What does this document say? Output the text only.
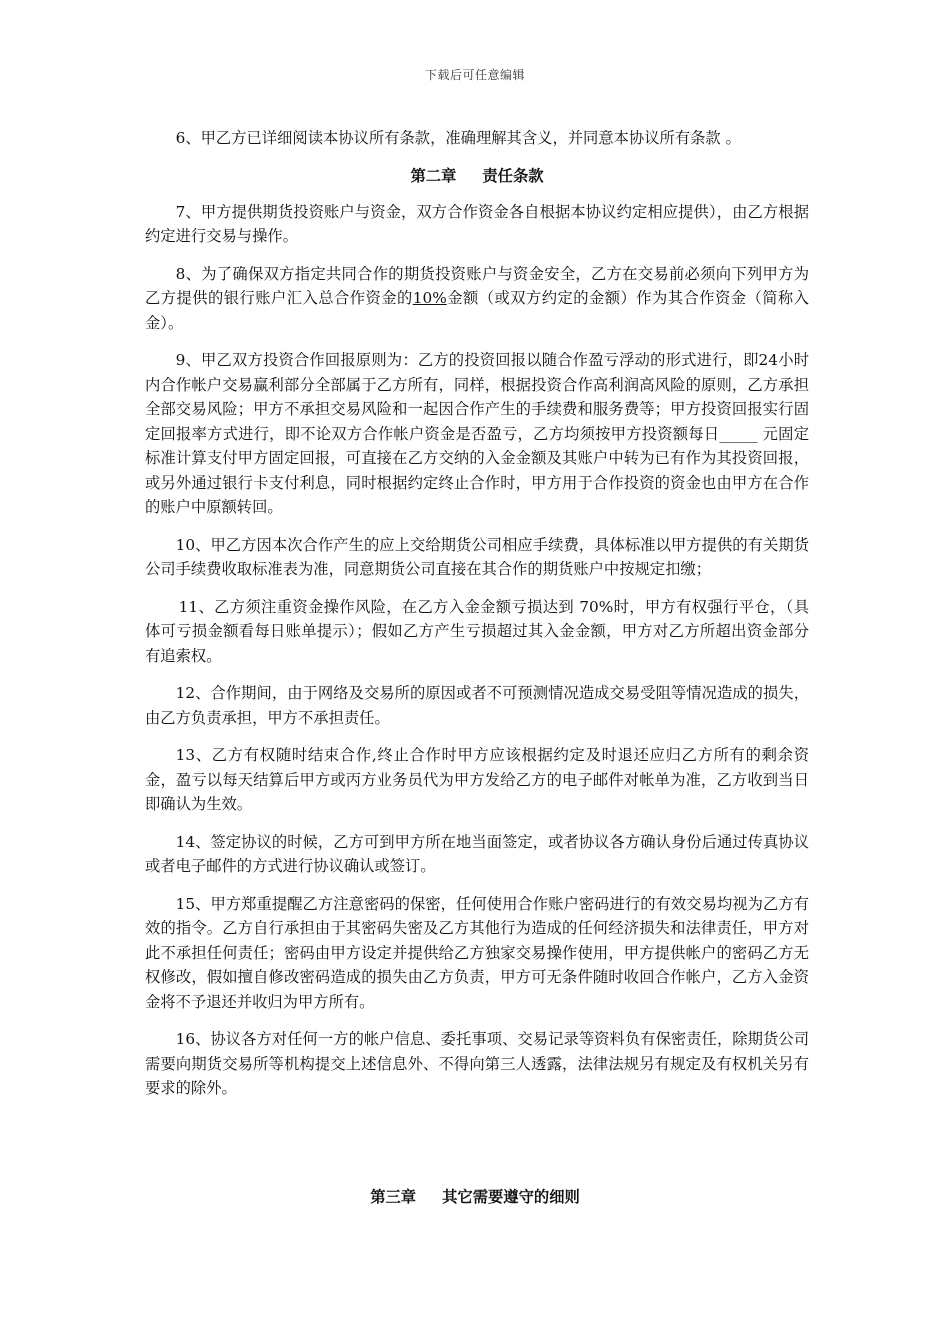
下载后可任意编辑

6、甲乙方已详细阅读本协议所有条款，准确理解其含义，并同意本协议所有条款 。

第二章 责任条款

7、甲方提供期货投资账户与资金，双方合作资金各自根据本协议约定相应提供），由乙方根据约定进行交易与操作。

8、为了确保双方指定共同合作的期货投资账户与资金安全，乙方在交易前必须向下列甲方为乙方提供的银行账户汇入总合作资金的10%金额（或双方约定的金额）作为其合作资金（简称入金）。

9、甲乙双方投资合作回报原则为：乙方的投资回报以随合作盈亏浮动的形式进行，即24小时内合作帐户交易赢利部分全部属于乙方所有，同样，根据投资合作高利润高风险的原则，乙方承担全部交易风险；甲方不承担交易风险和一起因合作产生的手续费和服务费等；甲方投资回报实行固定回报率方式进行，即不论双方合作帐户资金是否盈亏，乙方均须按甲方投资额每日_____ 元固定标准计算支付甲方固定回报，可直接在乙方交纳的入金金额及其账户中转为已有作为其投资回报，或另外通过银行卡支付利息，同时根据约定终止合作时，甲方用于合作投资的资金也由甲方在合作的账户中原额转回。

10、甲乙方因本次合作产生的应上交给期货公司相应手续费，具体标准以甲方提供的有关期货公司手续费收取标准表为准，同意期货公司直接在其合作的期货账户中按规定扣缴；

11、乙方须注重资金操作风险，在乙方入金金额亏损达到 70%时，甲方有权强行平仓，（具体可亏损金额看每日账单提示）；假如乙方产生亏损超过其入金金额，甲方对乙方所超出资金部分有追索权。

12、合作期间，由于网络及交易所的原因或者不可预测情况造成交易受阻等情况造成的损失，由乙方负责承担，甲方不承担责任。

13、乙方有权随时结束合作,终止合作时甲方应该根据约定及时退还应归乙方所有的剩余资金，盈亏以每天结算后甲方或丙方业务员代为甲方发给乙方的电子邮件对帐单为准，乙方收到当日即确认为生效。

14、签定协议的时候，乙方可到甲方所在地当面签定，或者协议各方确认身份后通过传真协议或者电子邮件的方式进行协议确认或签订。

15、甲方郑重提醒乙方注意密码的保密，任何使用合作账户密码进行的有效交易均视为乙方有效的指令。乙方自行承担由于其密码失密及乙方其他行为造成的任何经济损失和法律责任，甲方对此不承担任何责任；密码由甲方设定并提供给乙方独家交易操作使用，甲方提供帐户的密码乙方无权修改，假如擅自修改密码造成的损失由乙方负责，甲方可无条件随时收回合作帐户，乙方入金资金将不予退还并收归为甲方所有。

16、协议各方对任何一方的帐户信息、委托事项、交易记录等资料负有保密责任，除期货公司需要向期货交易所等机构提交上述信息外、不得向第三人透露，法律法规另有规定及有权机关另有要求的除外。

第三章 其它需要遵守的细则
